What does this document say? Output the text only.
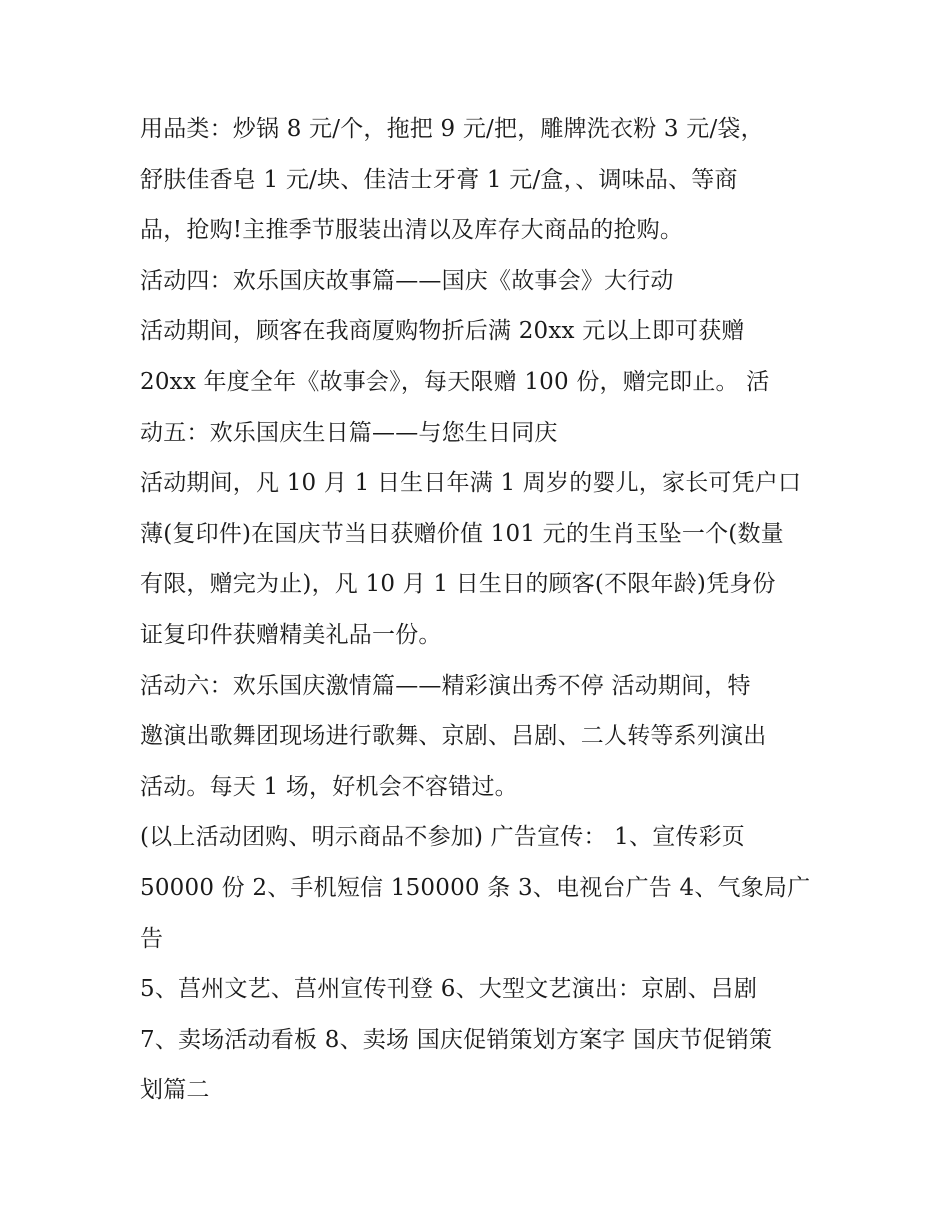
用品类：炒锅 8 元/个，拖把 9 元/把，雕牌洗衣粉 3 元/袋，
舒肤佳香皂 1 元/块、佳洁士牙膏 1 元/盒，、调味品、等商
品，抢购!主推季节服装出清以及库存大商品的抢购。
活动四：欢乐国庆故事篇——国庆《故事会》大行动
活动期间，顾客在我商厦购物折后满 20xx 元以上即可获赠
20xx 年度全年《故事会》，每天限赠 100 份，赠完即止。 活
动五：欢乐国庆生日篇——与您生日同庆
活动期间，凡 10 月 1 日生日年满 1 周岁的婴儿，家长可凭户口
薄(复印件)在国庆节当日获赠价值 101 元的生肖玉坠一个(数量
有限，赠完为止)，凡 10 月 1 日生日的顾客(不限年龄)凭身份
证复印件获赠精美礼品一份。
活动六：欢乐国庆激情篇——精彩演出秀不停 活动期间，特
邀演出歌舞团现场进行歌舞、京剧、吕剧、二人转等系列演出
活动。每天 1 场，好机会不容错过。
(以上活动团购、明示商品不参加) 广告宣传： 1、宣传彩页
50000 份 2、手机短信 150000 条 3、电视台广告 4、气象局广
告
5、莒州文艺、莒州宣传刊登 6、大型文艺演出：京剧、吕剧
7、卖场活动看板 8、卖场 国庆促销策划方案字 国庆节促销策
划篇二
